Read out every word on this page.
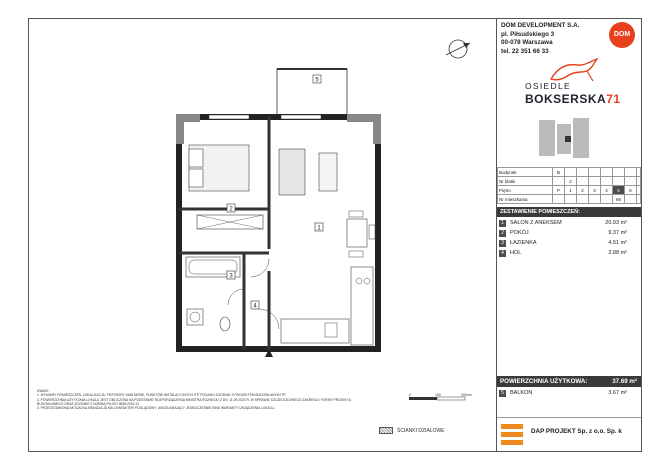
5
2
1
3
4
0	100	200cm
UWAGI:
1. WYMIARY POMIESZCZEŃ, LOKALIZACJA, PRZYBORY SANITARNE, PUNKTÓW INSTALACYJNYCH ITP. PODANO ZGODNIE Z PROJEKTEM BUDOWLANYM ITP.
2. POWIERZCHNIA UŻYTKOWA LOKALU JEST OBLICZONA NA PODSTAWIE ROZPORZĄDZENIA MINISTRA ROZWOJU Z DN. 11.09.2020 R. W SPRAWIE SZCZEGÓŁOWEGO ZAKRESU I FORMY PROJEKTU BUDOWLANEGO ORAZ ZGODNIE Z NORMĄ PN-ISO 9836:2015-12.
3. PRZEDSTAWIONA AKTUALNA ARANŻACJA MA CHARAKTER POGLĄDOWY, UMOŻLIWIAJĄCY JEDNOCZEŚNIE INNE WARIANTY URZĄDZENIA LOKALU.
ŚCIANKI DZIAŁOWE
DOM DEVELOPMENT S.A.
pl. Piłsudskiego 3
00-078 Warszawa
tel. 22 351 66 33
DOM
OSIEDLE
BOKSERSKA71
Budynek	B							
Nr klatki		2						
Piętro	P	1	2	3	4	5	6	
Nr mieszkania						66		
ZESTAWIENIE POMIESZCZEŃ:
1	SALON Z ANEKSEM	20.93 m²
2	POKÓJ	9.37 m²
3	ŁAZIENKA	4.51 m²
4	HOL	2.88 m²
POWIERZCHNIA UŻYTKOWA:	37.69 m²
5	BALKON	3.67 m²
DAP PROJEKT Sp. z o.o. Sp. k
